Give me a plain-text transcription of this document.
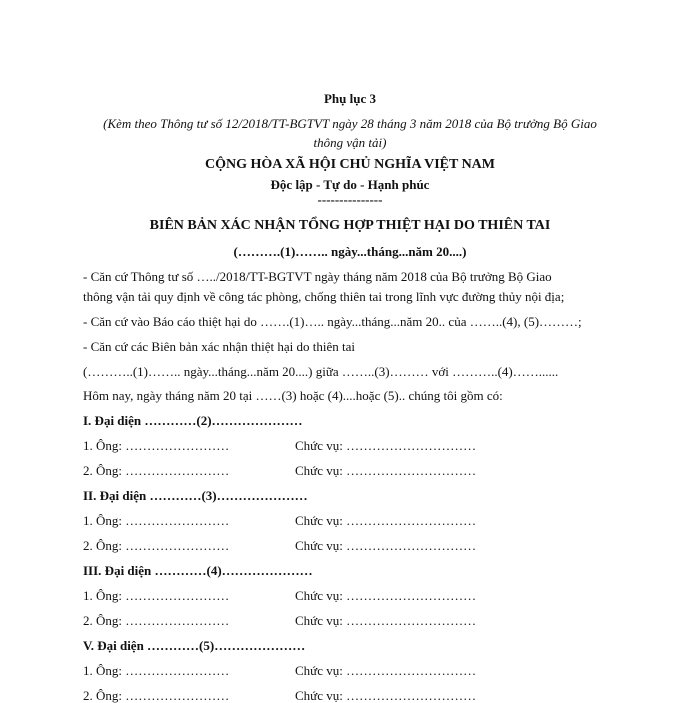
Phụ lục 3
(Kèm theo Thông tư số 12/2018/TT-BGTVT ngày 28 tháng 3 năm 2018 của Bộ trưởng Bộ Giao
thông vận tải)
CỘNG HÒA XÃ HỘI CHỦ NGHĨA VIỆT NAM
Độc lập - Tự do - Hạnh phúc
---------------
BIÊN BẢN XÁC NHẬN TỔNG HỢP THIỆT HẠI DO THIÊN TAI
(……….(1)…….. ngày...tháng...năm 20....)
- Căn cứ Thông tư số …../2018/TT-BGTVT ngày tháng năm 2018 của Bộ trưởng Bộ Giao
thông vận tải quy định về công tác phòng, chống thiên tai trong lĩnh vực đường thủy nội địa;
- Căn cứ vào Báo cáo thiệt hại do …….(1)….. ngày...tháng...năm 20.. của ……..(4), (5)………;
- Căn cứ các Biên bản xác nhận thiệt hại do thiên tai
(………..(1)…….. ngày...tháng...năm 20....) giữa ……..(3)……… với ………..(4)……......
Hôm nay, ngày tháng năm 20 tại ……(3) hoặc (4)....hoặc (5).. chúng tôi gồm có:
I. Đại diện …………(2)…………………
1. Ông: ……………………	Chức vụ: …………………………
2. Ông: ……………………	Chức vụ: …………………………
II. Đại diện …………(3)…………………
1. Ông: ……………………	Chức vụ: …………………………
2. Ông: ……………………	Chức vụ: …………………………
III. Đại diện …………(4)…………………
1. Ông: ……………………	Chức vụ: …………………………
2. Ông: ……………………	Chức vụ: …………………………
V. Đại diện …………(5)…………………
1. Ông: ……………………	Chức vụ: …………………………
2. Ông: ……………………	Chức vụ: …………………………
